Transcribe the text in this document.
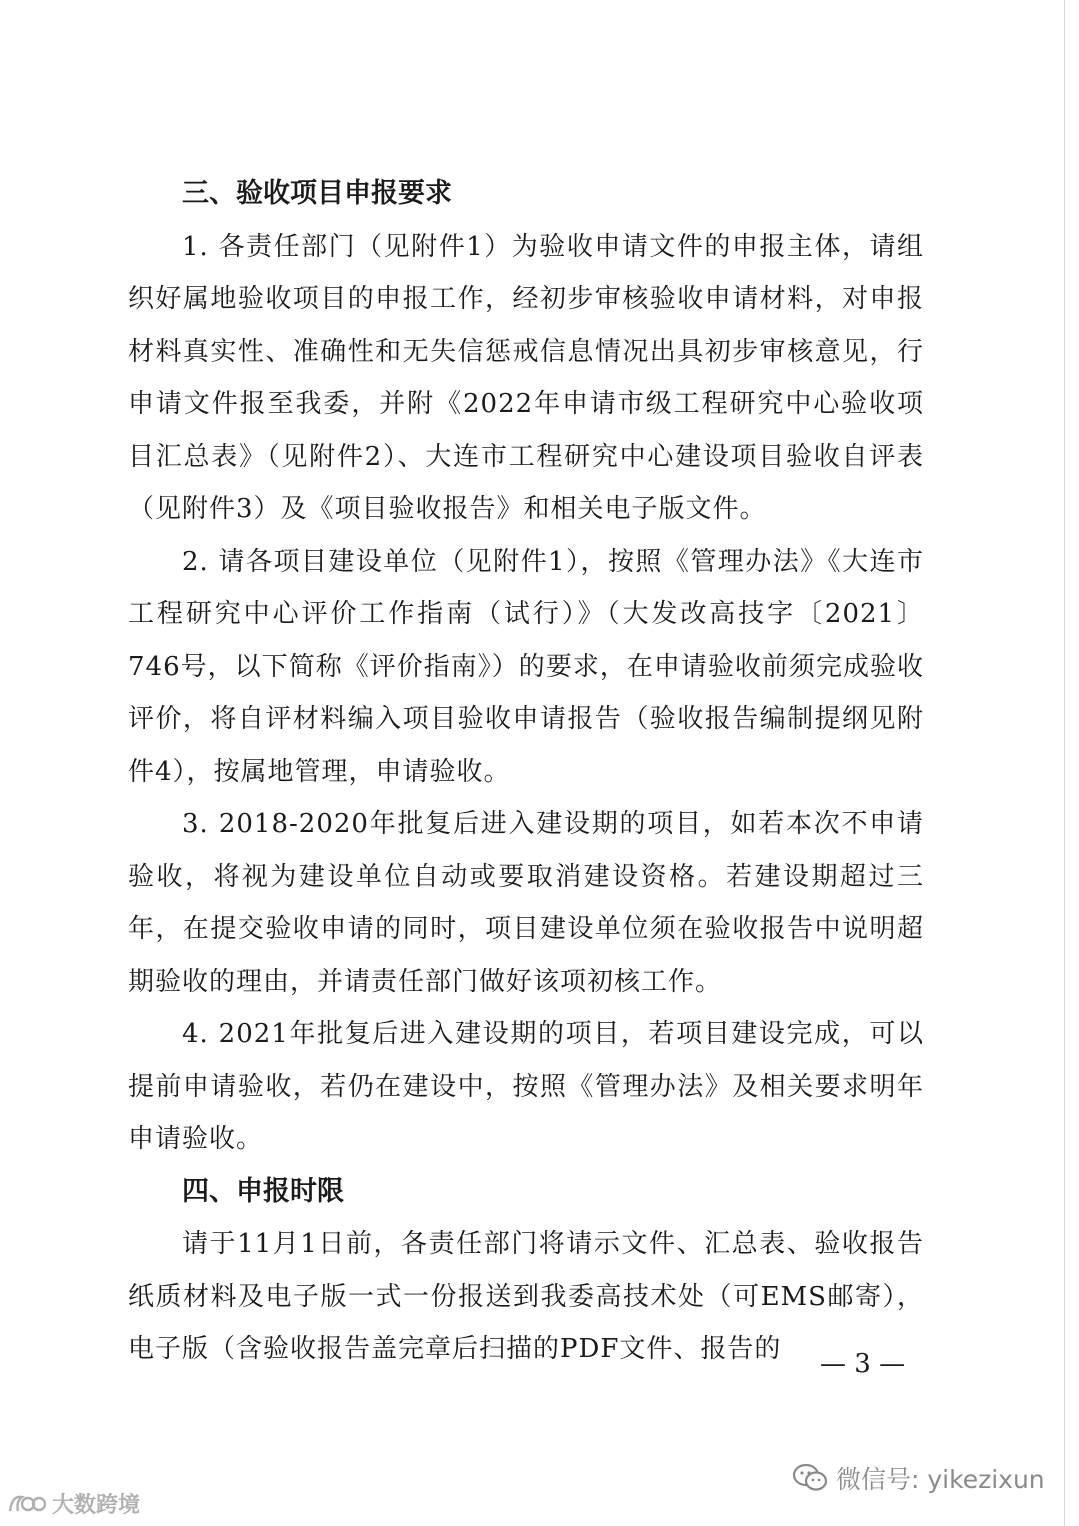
三、验收项目申报要求

1. 各责任部门（见附件1）为验收申请文件的申报主体，请组织好属地验收项目的申报工作，经初步审核验收申请材料，对申报材料真实性、准确性和无失信惩戒信息情况出具初步审核意见，行申请文件报至我委，并附《2022年申请市级工程研究中心验收项目汇总表》（见附件2）、大连市工程研究中心建设项目验收自评表（见附件3）及《项目验收报告》和相关电子版文件。

2. 请各项目建设单位（见附件1），按照《管理办法》《大连市工程研究中心评价工作指南（试行）》（大发改高技字〔2021〕746号，以下简称《评价指南》）的要求，在申请验收前须完成验收评价，将自评材料编入项目验收申请报告（验收报告编制提纲见附件4），按属地管理，申请验收。

3. 2018-2020年批复后进入建设期的项目，如若本次不申请验收，将视为建设单位自动或要取消建设资格。若建设期超过三年，在提交验收申请的同时，项目建设单位须在验收报告中说明超期验收的理由，并请责任部门做好该项初核工作。

4. 2021年批复后进入建设期的项目，若项目建设完成，可以提前申请验收，若仍在建设中，按照《管理办法》及相关要求明年申请验收。

四、申报时限

请于11月1日前，各责任部门将请示文件、汇总表、验收报告纸质材料及电子版一式一份报送到我委高技术处（可EMS邮寄），电子版（含验收报告盖完章后扫描的PDF文件、报告的	— 3 —
微信号: yikezixun
大数跨境
